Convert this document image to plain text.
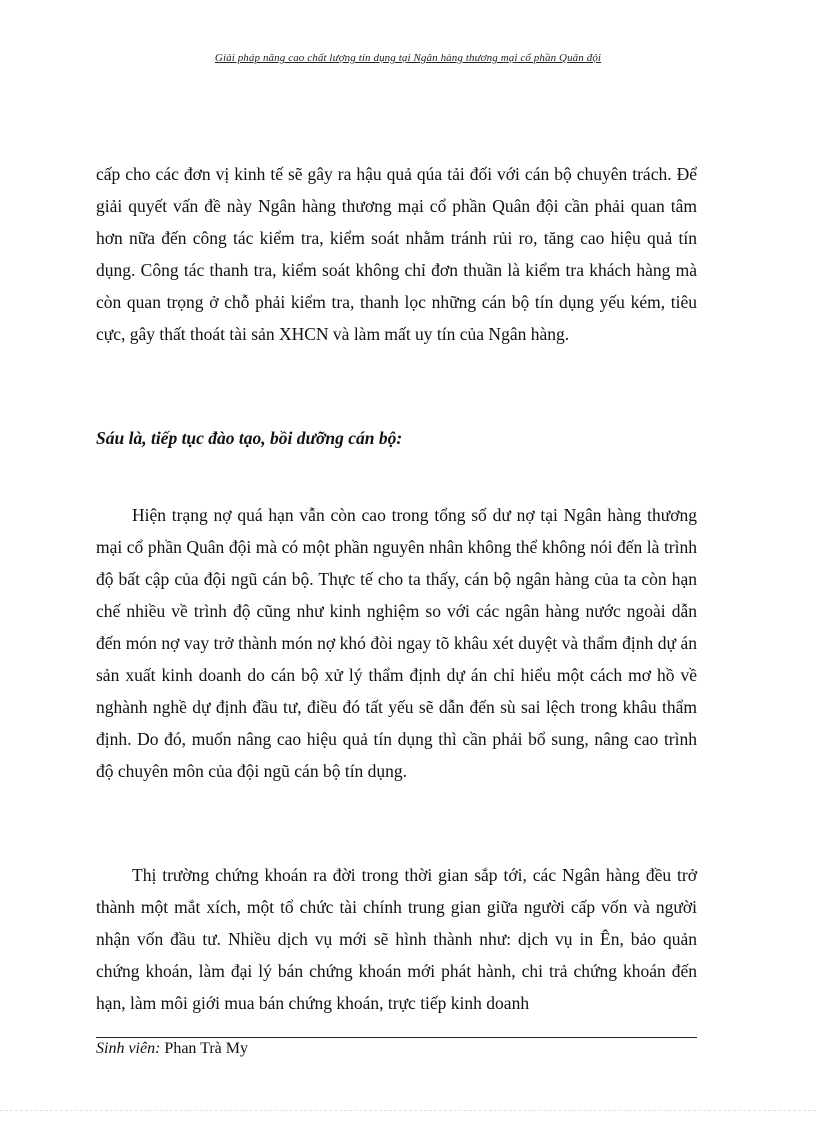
Giải pháp nâng cao chất lượng tín dụng tại Ngân hàng thương mại cổ phần Quân đội
cấp cho các đơn vị kinh tế sẽ gây ra hậu quả qúa tải đối với cán bộ chuyên trách. Để giải quyết vấn đề này Ngân hàng thương mại cổ phần Quân đội cần phải quan tâm hơn nữa đến công tác kiểm tra, kiểm soát nhằm tránh rủi ro, tăng cao hiệu quả tín dụng. Công tác thanh tra, kiểm soát không chỉ đơn thuần là kiểm tra khách hàng mà còn quan trọng ở chỗ phải kiểm tra, thanh lọc những cán bộ tín dụng yếu kém, tiêu cực, gây thất thoát tài sản XHCN và làm mất uy tín của Ngân hàng.
Sáu là, tiếp tục đào tạo, bồi dưỡng cán bộ:
Hiện trạng nợ quá hạn vẫn còn cao trong tổng số dư nợ tại Ngân hàng thương mại cổ phần Quân đội mà có một phần nguyên nhân không thể không nói đến là trình độ bất cập của đội ngũ cán bộ. Thực tế cho ta thấy, cán bộ ngân hàng của ta còn hạn chế nhiều về trình độ cũng như kinh nghiệm so với các ngân hàng nước ngoài dẫn đến món nợ vay trở thành món nợ khó đòi ngay tõ khâu xét duyệt và thẩm định dự án sản xuất kinh doanh do cán bộ xử lý thẩm định dự án chỉ hiểu một cách mơ hồ về nghành nghề dự định đầu tư, điều đó tất yếu sẽ dẫn đến sù sai lệch trong khâu thẩm định. Do đó, muốn nâng cao hiệu quả tín dụng thì cần phải bổ sung, nâng cao trình độ chuyên môn của đội ngũ cán bộ tín dụng.
Thị trường chứng khoán ra đời trong thời gian sắp tới, các Ngân hàng đều trở thành một mắt xích, một tổ chức tài chính trung gian giữa người cấp vốn và người nhận vốn đầu tư. Nhiều dịch vụ mới sẽ hình thành như: dịch vụ in Ên, bảo quản chứng khoán, làm đại lý bán chứng khoán mới phát hành, chi trả chứng khoán đến hạn, làm môi giới mua bán chứng khoán, trực tiếp kinh doanh
Sinh viên: Phan Trà My
